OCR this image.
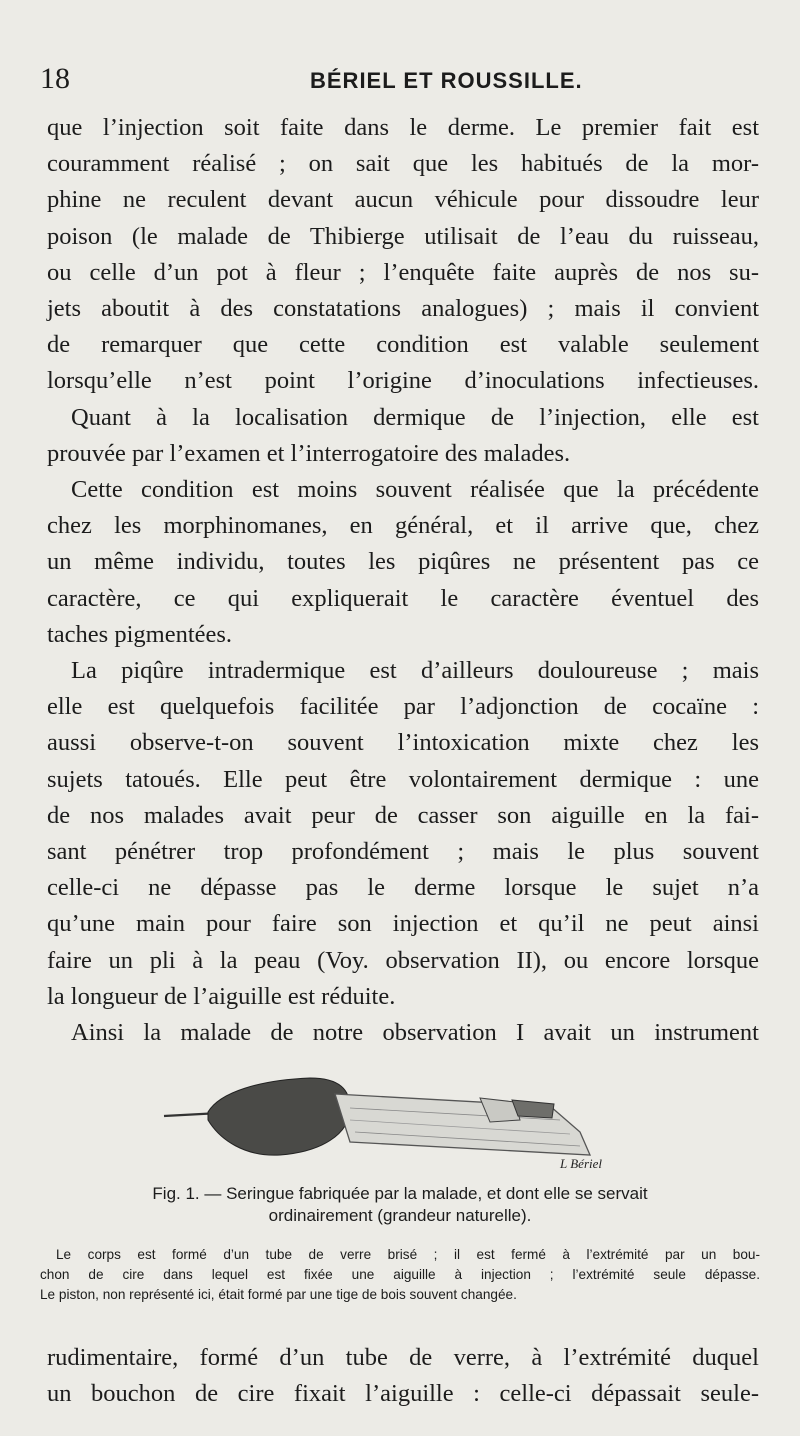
18	BÉRIEL ET ROUSSILLE.
que l’injection soit faite dans le derme. Le premier fait est
couramment réalisé ; on sait que les habitués de la mor-
phine ne reculent devant aucun véhicule pour dissoudre leur
poison (le malade de Thibierge utilisait de l’eau du ruisseau,
ou celle d’un pot à fleur ; l’enquête faite auprès de nos su-
jets aboutit à des constatations analogues) ; mais il convient
de remarquer que cette condition est valable seulement
lorsqu’elle n’est point l’origine d’inoculations infectieuses.
Quant à la localisation dermique de l’injection, elle est
prouvée par l’examen et l’interrogatoire des malades.
Cette condition est moins souvent réalisée que la précédente
chez les morphinomanes, en général, et il arrive que, chez
un même individu, toutes les piqûres ne présentent pas ce
caractère, ce qui expliquerait le caractère éventuel des
taches pigmentées.
La piqûre intradermique est d’ailleurs douloureuse ; mais
elle est quelquefois facilitée par l’adjonction de cocaïne :
aussi observe-t-on souvent l’intoxication mixte chez les
sujets tatoués. Elle peut être volontairement dermique : une
de nos malades avait peur de casser son aiguille en la fai-
sant pénétrer trop profondément ; mais le plus souvent
celle-ci ne dépasse pas le derme lorsque le sujet n’a
qu’une main pour faire son injection et qu’il ne peut ainsi
faire un pli à la peau (Voy. observation II), ou encore lorsque
la longueur de l’aiguille est réduite.
Ainsi la malade de notre observation I avait un instrument
L Bériel
Fig. 1. — Seringue fabriquée par la malade, et dont elle se servait
ordinairement (grandeur naturelle).
Le corps est formé d’un tube de verre brisé ; il est fermé à l’extrémité par un bou-
chon de cire dans lequel est fixée une aiguille à injection ; l’extrémité seule dépasse.
Le piston, non représenté ici, était formé par une tige de bois souvent changée.
rudimentaire, formé d’un tube de verre, à l’extrémité duquel
un bouchon de cire fixait l’aiguille : celle-ci dépassait seule-
